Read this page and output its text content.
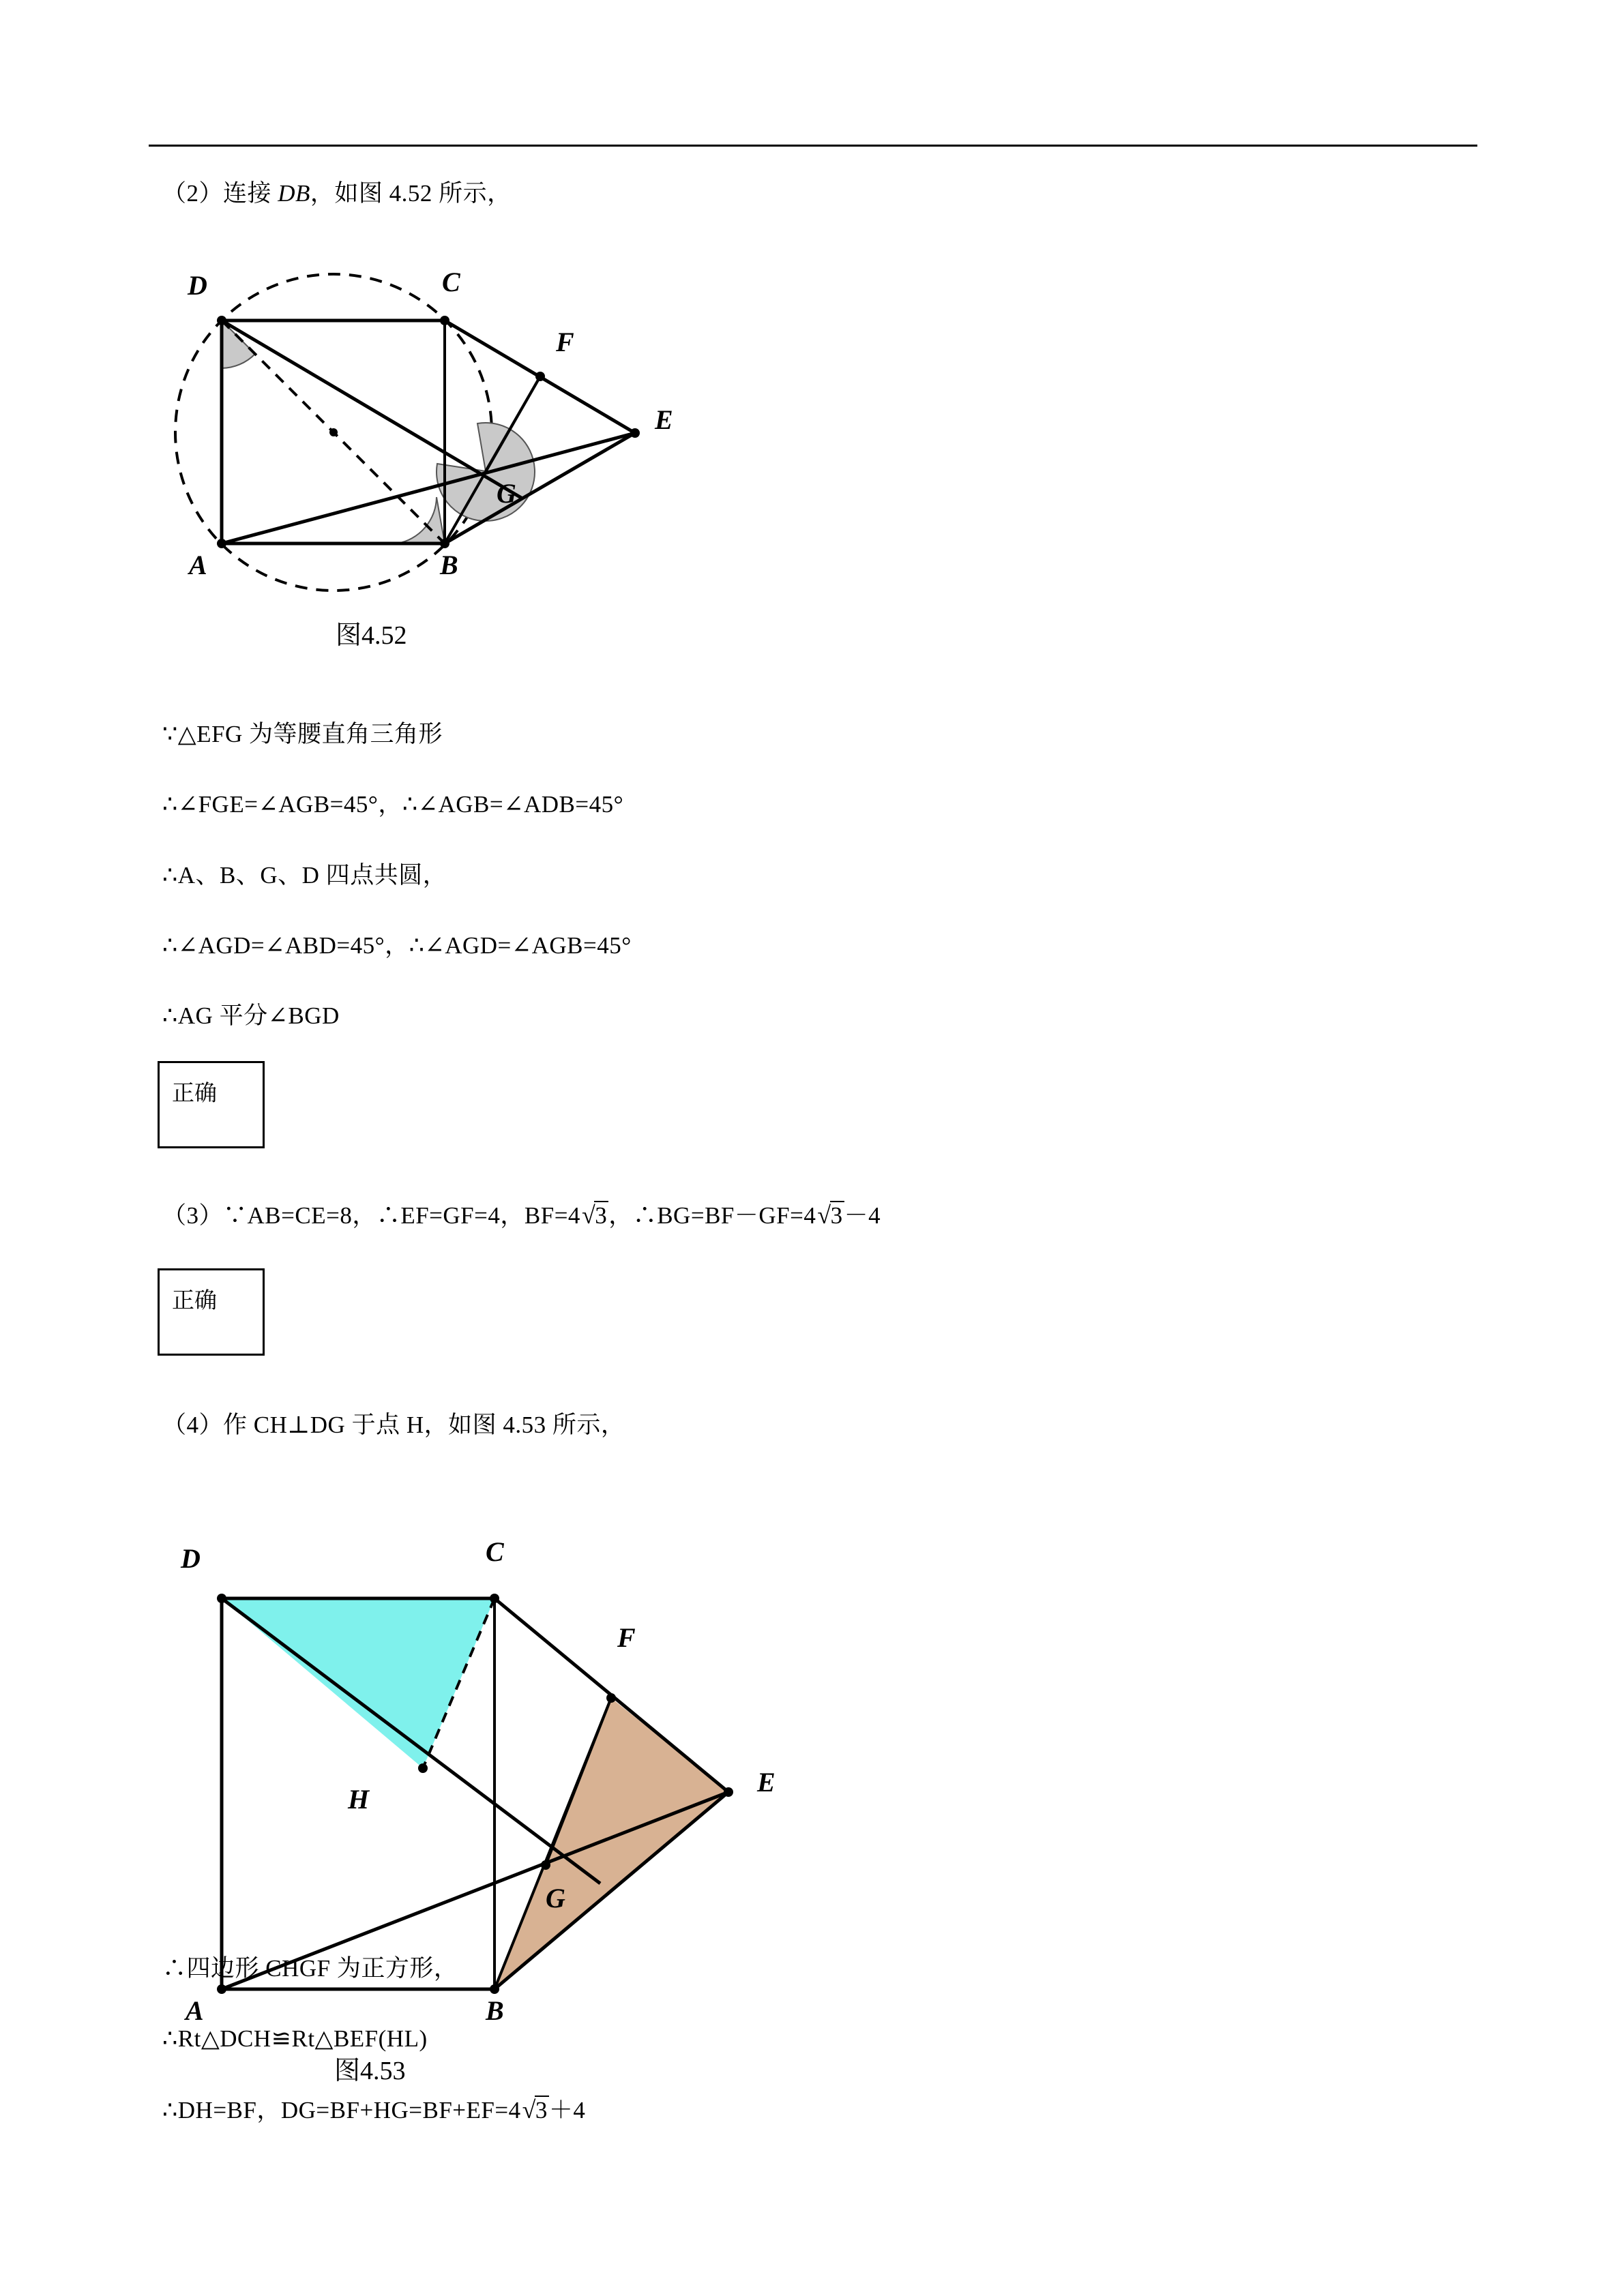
（2）连接 DB，如图 4.52 所示，
D	C
F
E
G
A	B
图4.52
∵△EFG 为等腰直角三角形
∴∠FGE=∠AGB=45°，∴∠AGB=∠ADB=45°
∴A、B、G、D 四点共圆，
∴∠AGD=∠ABD=45°，∴∠AGD=∠AGB=45°
∴AG 平分∠BGD
正确
（3）∵AB=CE=8，∴EF=GF=4，BF=4√3，∴BG=BF－GF=4√3－4
正确
（4）作 CH⊥DG 于点 H，如图 4.53 所示，
D	C
F
E
H
G
A	B
图4.53
∴四边形 CHGF 为正方形，
∴Rt△DCH≌Rt△BEF(HL)
∴DH=BF，DG=BF+HG=BF+EF=4√3＋4
